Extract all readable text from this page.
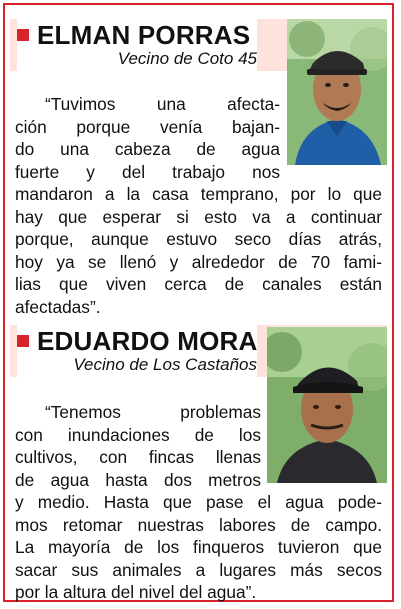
ELMAN PORRAS
Vecino de Coto 45
“Tuvimos una afecta-
ción porque venía bajan-
do una cabeza de agua
fuerte y del trabajo nos
mandaron a la casa temprano, por lo que
hay que esperar si esto va a continuar
porque, aunque estuvo seco días atrás,
hoy ya se llenó y alrededor de 70 fami-
lias que viven cerca de canales están
afectadas”.
EDUARDO MORA
Vecino de Los Castaños
“Tenemos problemas
con inundaciones de los
cultivos, con fincas llenas
de agua hasta dos metros
y medio. Hasta que pase el agua pode-
mos retomar nuestras labores de campo.
La mayoría de los finqueros tuvieron que
sacar sus animales a lugares más secos
por la altura del nivel del agua”.
